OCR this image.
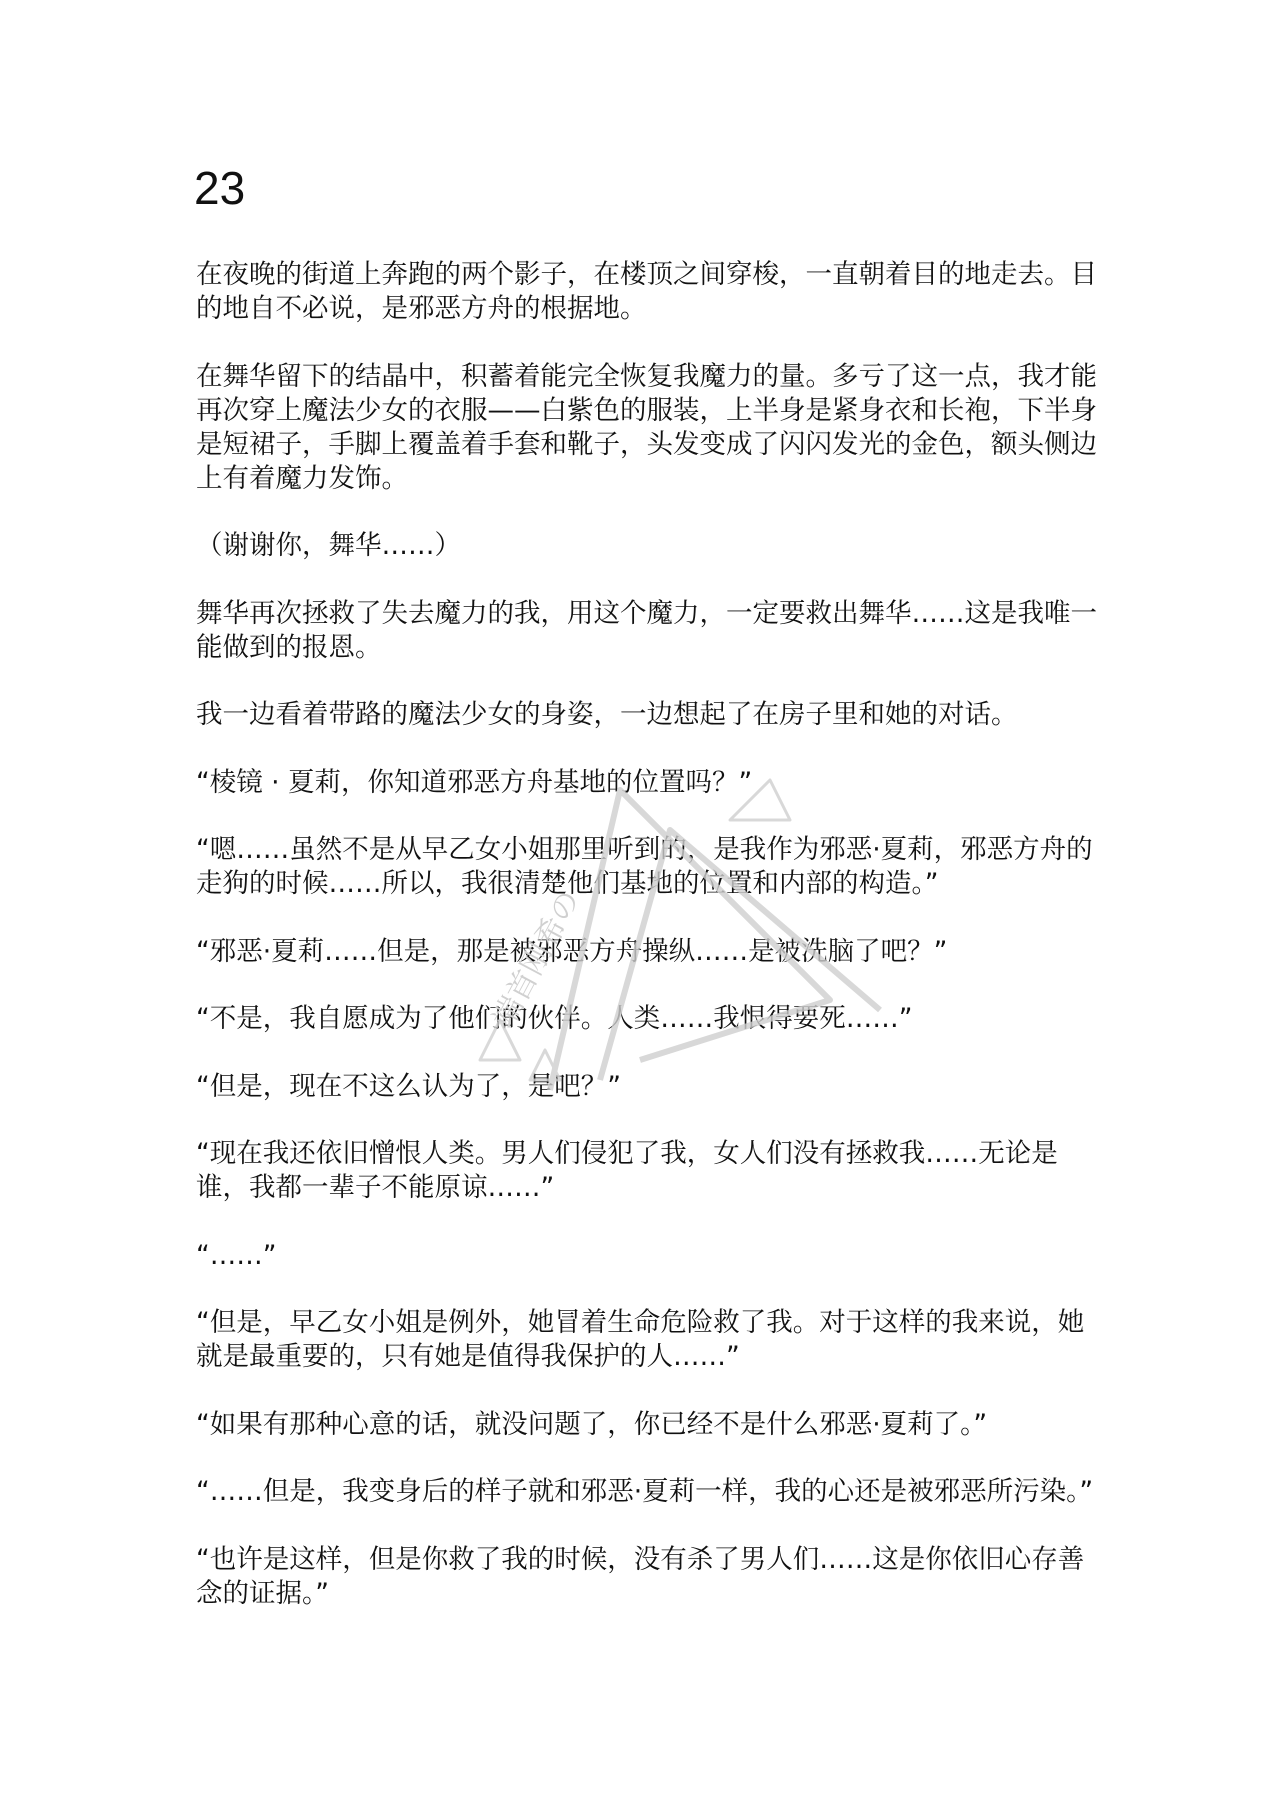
23

在夜晚的街道上奔跑的两个影子，在楼顶之间穿梭，一直朝着目的地走去。目的地自不必说，是邪恶方舟的根据地。

在舞华留下的结晶中，积蓄着能完全恢复我魔力的量。多亏了这一点，我才能再次穿上魔法少女的衣服——白紫色的服装，上半身是紧身衣和长袍，下半身是短裙子，手脚上覆盖着手套和靴子，头发变成了闪闪发光的金色，额头侧边上有着魔力发饰。

（谢谢你，舞华……）

舞华再次拯救了失去魔力的我，用这个魔力，一定要救出舞华……这是我唯一能做到的报恩。

我一边看着带路的魔法少女的身姿，一边想起了在房子里和她的对话。

“棱镜 · 夏莉，你知道邪恶方舟基地的位置吗？”

“嗯……虽然不是从早乙女小姐那里听到的，是我作为邪恶·夏莉，邪恶方舟的走狗的时候……所以，我很清楚他们基地的位置和内部的构造。”

“邪恶·夏莉……但是，那是被邪恶方舟操纵……是被洗脑了吧？”

“不是，我自愿成为了他们的伙伴。人类……我恨得要死……”

“但是，现在不这么认为了，是吧？”

“现在我还依旧憎恨人类。男人们侵犯了我，女人们没有拯救我……无论是谁，我都一辈子不能原谅……”

“……”

“但是，早乙女小姐是例外，她冒着生命危险救了我。对于这样的我来说，她就是最重要的，只有她是值得我保护的人……”

“如果有那种心意的话，就没问题了，你已经不是什么邪恶·夏莉了。”

“……但是，我变身后的样子就和邪恶·夏莉一样，我的心还是被邪恶所污染。”

“也许是这样，但是你救了我的时候，没有杀了男人们……这是你依旧心存善念的证据。”

端首刚希の
